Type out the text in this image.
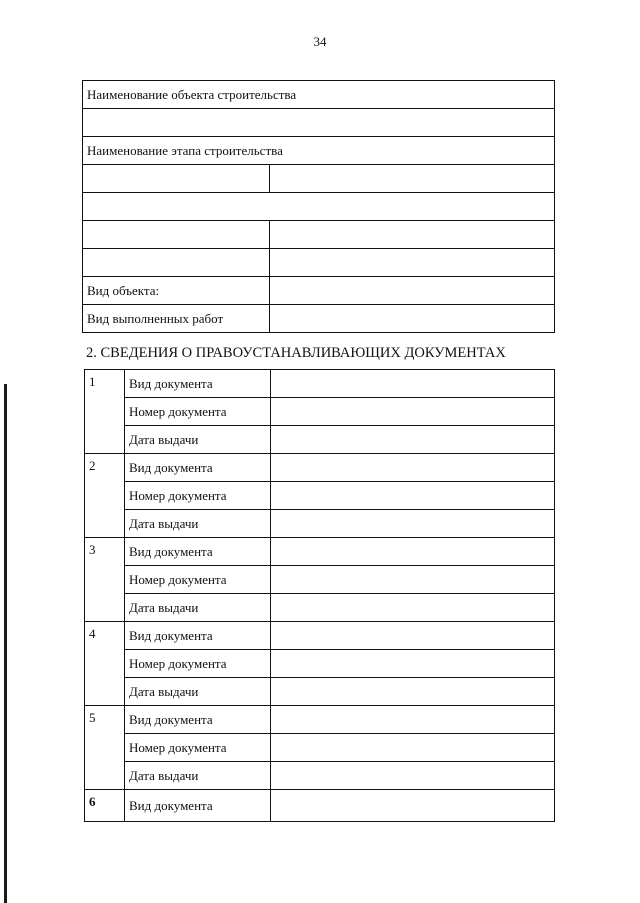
34
Наименование объекта строительства	

Наименование этапа строительства	

Вид объекта:	
Вид выполненных работ	
2. СВЕДЕНИЯ О ПРАВОУСТАНАВЛИВАЮЩИХ ДОКУМЕНТАХ
1	Вид документа	
	Номер документа	
	Дата выдачи	
2	Вид документа	
	Номер документа	
	Дата выдачи	
3	Вид документа	
	Номер документа	
	Дата выдачи	
4	Вид документа	
	Номер документа	
	Дата выдачи	
5	Вид документа	
	Номер документа	
	Дата выдачи	
6	Вид документа	
